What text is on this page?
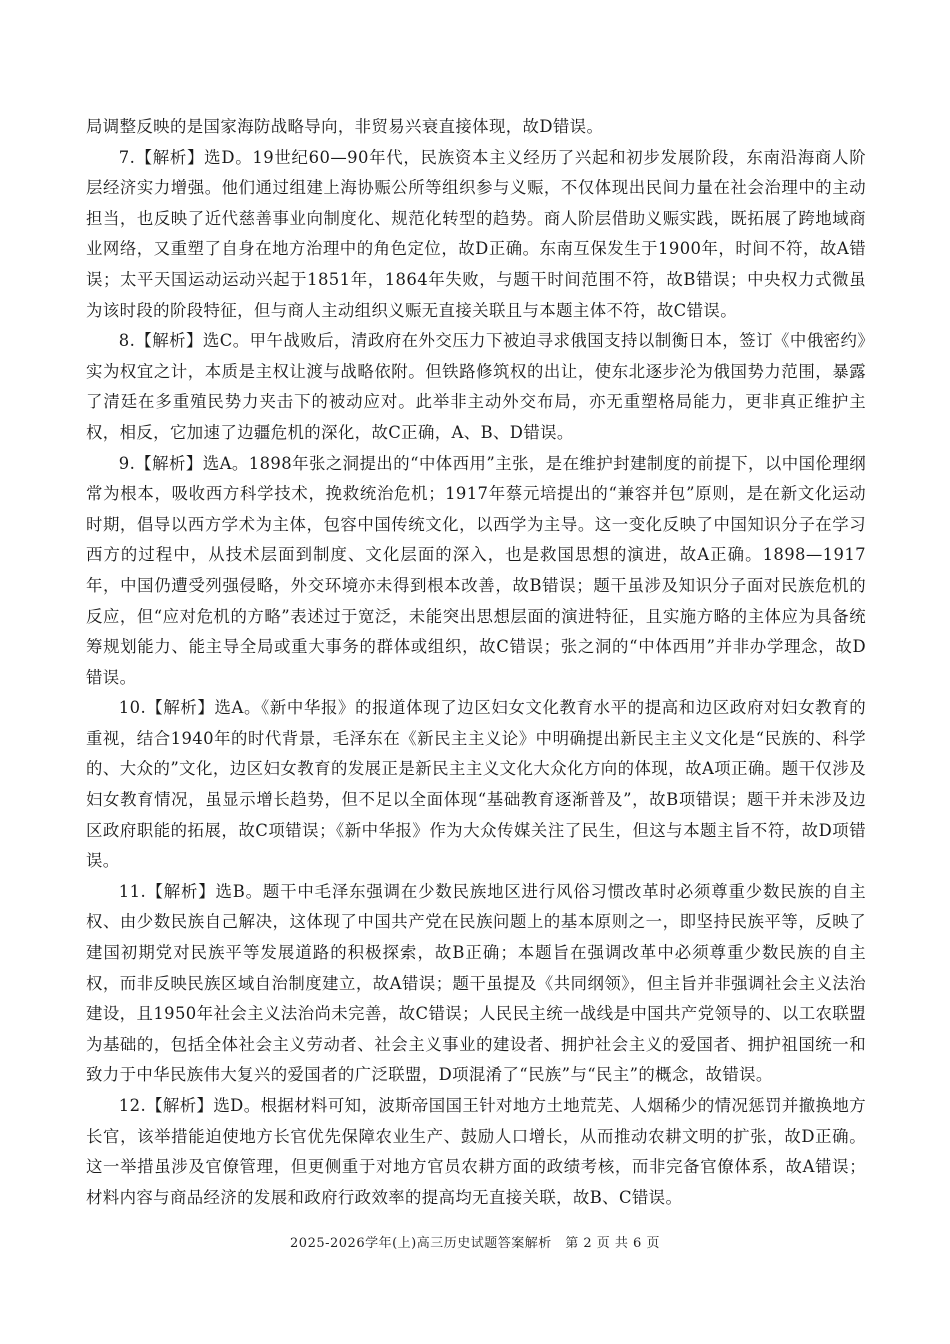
局调整反映的是国家海防战略导向，非贸易兴衰直接体现，故D错误。

7.【解析】选D。19世纪60—90年代，民族资本主义经历了兴起和初步发展阶段，东南沿海商人阶层经济实力增强。他们通过组建上海协赈公所等组织参与义赈，不仅体现出民间力量在社会治理中的主动担当，也反映了近代慈善事业向制度化、规范化转型的趋势。商人阶层借助义赈实践，既拓展了跨地域商业网络，又重塑了自身在地方治理中的角色定位，故D正确。东南互保发生于1900年，时间不符，故A错误；太平天国运动运动兴起于1851年，1864年失败，与题干时间范围不符，故B错误；中央权力式微虽为该时段的阶段特征，但与商人主动组织义赈无直接关联且与本题主体不符，故C错误。

8.【解析】选C。甲午战败后，清政府在外交压力下被迫寻求俄国支持以制衡日本，签订《中俄密约》实为权宜之计，本质是主权让渡与战略依附。但铁路修筑权的出让，使东北逐步沦为俄国势力范围，暴露了清廷在多重殖民势力夹击下的被动应对。此举非主动外交布局，亦无重塑格局能力，更非真正维护主权，相反，它加速了边疆危机的深化，故C正确，A、B、D错误。

9.【解析】选A。1898年张之洞提出的“中体西用”主张，是在维护封建制度的前提下，以中国伦理纲常为根本，吸收西方科学技术，挽救统治危机；1917年蔡元培提出的“兼容并包”原则，是在新文化运动时期，倡导以西方学术为主体，包容中国传统文化，以西学为主导。这一变化反映了中国知识分子在学习西方的过程中，从技术层面到制度、文化层面的深入，也是救国思想的演进，故A正确。1898—1917年，中国仍遭受列强侵略，外交环境亦未得到根本改善，故B错误；题干虽涉及知识分子面对民族危机的反应，但“应对危机的方略”表述过于宽泛，未能突出思想层面的演进特征，且实施方略的主体应为具备统筹规划能力、能主导全局或重大事务的群体或组织，故C错误；张之洞的“中体西用”并非办学理念，故D错误。

10.【解析】选A。《新中华报》的报道体现了边区妇女文化教育水平的提高和边区政府对妇女教育的重视，结合1940年的时代背景，毛泽东在《新民主主义论》中明确提出新民主主义文化是“民族的、科学的、大众的”文化，边区妇女教育的发展正是新民主主义文化大众化方向的体现，故A项正确。题干仅涉及妇女教育情况，虽显示增长趋势，但不足以全面体现“基础教育逐渐普及”，故B项错误；题干并未涉及边区政府职能的拓展，故C项错误；《新中华报》作为大众传媒关注了民生，但这与本题主旨不符，故D项错误。

11.【解析】选B。题干中毛泽东强调在少数民族地区进行风俗习惯改革时必须尊重少数民族的自主权、由少数民族自己解决，这体现了中国共产党在民族问题上的基本原则之一，即坚持民族平等，反映了建国初期党对民族平等发展道路的积极探索，故B正确；本题旨在强调改革中必须尊重少数民族的自主权，而非反映民族区域自治制度建立，故A错误；题干虽提及《共同纲领》，但主旨并非强调社会主义法治建设，且1950年社会主义法治尚未完善，故C错误；人民民主统一战线是中国共产党领导的、以工农联盟为基础的，包括全体社会主义劳动者、社会主义事业的建设者、拥护社会主义的爱国者、拥护祖国统一和致力于中华民族伟大复兴的爱国者的广泛联盟，D项混淆了“民族”与“民主”的概念，故错误。

12.【解析】选D。根据材料可知，波斯帝国国王针对地方土地荒芜、人烟稀少的情况惩罚并撤换地方长官，该举措能迫使地方长官优先保障农业生产、鼓励人口增长，从而推动农耕文明的扩张，故D正确。这一举措虽涉及官僚管理，但更侧重于对地方官员农耕方面的政绩考核，而非完备官僚体系，故A错误；材料内容与商品经济的发展和政府行政效率的提高均无直接关联，故B、C错误。

2025-2026学年(上)高三历史试题答案解析　第 2 页 共 6 页
